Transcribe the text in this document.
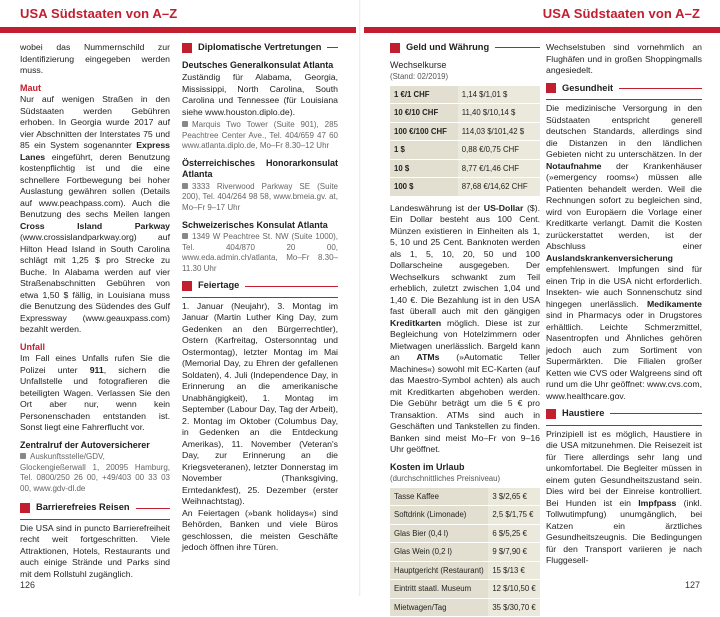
USA Südstaaten von A–Z

wobei das Nummernschild zur Identifizierung eingegeben werden muss.

Maut

Nur auf wenigen Straßen in den Südstaaten werden Gebühren erhoben. In Georgia wurde 2017 auf vier Abschnitten der Interstates 75 und 85 ein System sogenannter Express Lanes eingeführt, deren Benutzung kostenpflichtig ist und die eine schnellere Fortbewegung bei hoher Auslastung gewähren sollen (Details auf www.peachpass.com). Auch die Benutzung des sechs Meilen langen Cross Island Parkway (www.crossislandparkway.org) auf Hilton Head Island in South Carolina schlägt mit 1,25 $ pro Strecke zu Buche. In Alabama werden auf vier Straßenabschnitten Gebühren von etwa 1,50 $ fällig, in Louisiana muss die Benutzung des Südendes des Gulf Expressway (www.geauxpass.com) bezahlt werden.

Unfall

Im Fall eines Unfalls rufen Sie die Polizei unter 911, sichern die Unfallstelle und fotografieren die beteiligten Wagen. Verlassen Sie den Ort aber nur, wenn kein Personenschaden entstanden ist. Sonst liegt eine Fahrerflucht vor.

Zentralruf der Autoversicherer
Auskunftsstelle/GDV, Glockengießerwall 1, 20095 Hamburg, Tel. 0800/250 26 00, +49/403 00 33 03 00, www.gdv-dl.de
Barrierefreies Reisen

Die USA sind in puncto Barrierefreiheit recht weit fortgeschritten. Viele Attraktionen, Hotels, Restaurants und auch einige Strände und Parks sind mit dem Rollstuhl zugänglich.

Diplomatische Vertretungen
Deutsches Generalkonsulat Atlanta

Zuständig für Alabama, Georgia, Mississippi, North Carolina, South Carolina und Tennessee (für Louisiana siehe www.houston.diplo.de).

Marquis Two Tower (Suite 901), 285 Peachtree Center Ave., Tel. 404/659 47 60 www.atlanta.diplo.de, Mo–Fr 8.30–12 Uhr
Österreichisches Honorarkonsulat Atlanta
3333 Riverwood Parkway SE (Suite 200), Tel. 404/264 98 58, www.bmeia.gv. at, Mo–Fr 9–17 Uhr
Schweizerisches Konsulat Atlanta
1349 W Peachtree St. NW (Suite 1000), Tel. 404/870 20 00, www.eda.admin.ch/atlanta, Mo–Fr 8.30–11.30 Uhr
Feiertage

1. Januar (Neujahr), 3. Montag im Januar (Martin Luther King Day, zum Gedenken an den Bürgerrechtler), Ostern (Karfreitag, Ostersonntag und Ostermontag), letzter Montag im Mai (Memorial Day, zu Ehren der gefallenen Soldaten), 4. Juli (Independence Day, in Erinnerung an die amerikanische Unabhängigkeit), 1. Montag im September (Labour Day, Tag der Arbeit), 2. Montag im Oktober (Columbus Day, in Gedenken an die Entdeckung Amerikas), 11. November (Veteran's Day, zur Erinnerung an die Kriegsveteranen), letzter Donnerstag im November (Thanksgiving, Erntedankfest), 25. Dezember (erster Weihnachtstag).

An Feiertagen (»bank holidays«) sind Behörden, Banken und viele Büros geschlossen, die meisten Geschäfte jedoch öffnen ihre Türen.

126
USA Südstaaten von A–Z
Geld und Währung
Wechselkurse
(Stand: 02/2019)
1 €/1 CHF	1,14 $/1,01 $
10 €/10 CHF	11,40 $/10,14 $
100 €/100 CHF	114,03 $/101,42 $
1 $	0,88 €/0,75 CHF
10 $	8,77 €/1,46 CHF
100 $	87,68 €/14,62 CHF

Landeswährung ist der US-Dollar ($). Ein Dollar besteht aus 100 Cent. Münzen existieren in Einheiten als 1, 5, 10 und 25 Cent. Banknoten werden als 1, 5, 10, 20, 50 und 100 Dollarscheine ausgegeben. Der Wechselkurs schwankt zum Teil erheblich, zuletzt zwischen 1,04 und 1,40 €. Die Bezahlung ist in den USA fast überall auch mit den gängigen Kreditkarten möglich. Diese ist zur Begleichung von Hotelzimmern oder Mietwagen unerlässlich. Bargeld kann an ATMs (»Automatic Teller Machines«) sowohl mit EC-Karten (auf das Maestro-Symbol achten) als auch mit Kreditkarten abgehoben werden. Die Gebühr beträgt um die 5 € pro Transaktion. ATMs sind auch in Geschäften und Tankstellen zu finden. Banken sind meist Mo–Fr von 9–16 Uhr geöffnet.

Kosten im Urlaub
(durchschnittliches Preisniveau)
Tasse Kaffee	3 $/2,65 €
Softdrink (Limonade)	2,5 $/1,75 €
Glas Bier (0,4 l)	6 $/5,25 €
Glas Wein (0,2 l)	9 $/7,90 €
Hauptgericht (Restaurant)	15 $/13 €
Eintritt staatl. Museum	12 $/10,50 €
Mietwagen/Tag	35 $/30,70 €

Wechselstuben sind vornehmlich an Flughäfen und in großen Shoppingmalls angesiedelt.

Gesundheit

Die medizinische Versorgung in den Südstaaten entspricht generell deutschen Standards, allerdings sind die Distanzen in den ländlichen Gebieten nicht zu unterschätzen. In der Notaufnahme der Krankenhäuser (»emergency rooms«) müssen alle Patienten behandelt werden. Weil die Rechnungen sofort zu begleichen sind, wird von Europäern die Vorlage einer Kreditkarte verlangt. Damit die Kosten zurückerstattet werden, ist der Abschluss einer Auslandskrankenversicherung empfehlenswert. Impfungen sind für einen Trip in die USA nicht erforderlich. Insekten- wie auch Sonnenschutz sind hingegen unerlässlich. Medikamente sind in Pharmacys oder in Drugstores erhältlich. Leichte Schmerzmittel, Nasentropfen und Ähnliches gehören jedoch auch zum Sortiment von Supermärkten. Die Filialen großer Ketten wie CVS oder Walgreens sind oft rund um die Uhr geöffnet: www.cvs.com, www.healthcare.gov.

Haustiere

Prinzipiell ist es möglich, Haustiere in die USA mitzunehmen. Die Reisezeit ist für Tiere allerdings sehr lang und unkomfortabel. Die Begleiter müssen in einem guten Gesundheitszustand sein. Dies wird bei der Einreise kontrolliert. Bei Hunden ist ein Impfpass (inkl. Tollwutimpfung) unumgänglich, bei Katzen ein ärztliches Gesundheitszeugnis. Die Bedingungen für den Transport variieren je nach Fluggesell-

127
